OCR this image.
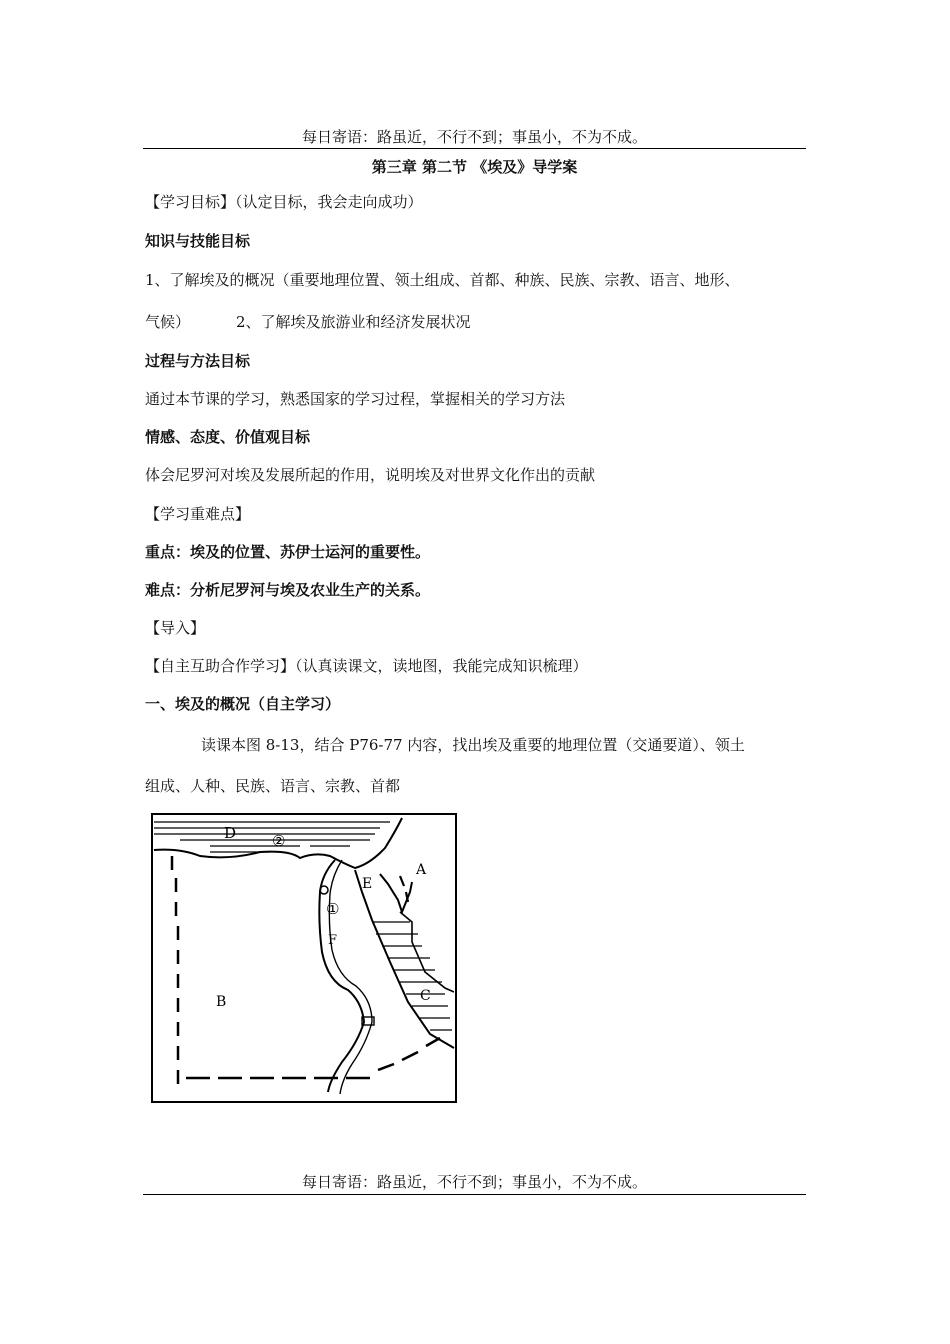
每日寄语：路虽近，不行不到；事虽小，不为不成。
第三章 第二节 《埃及》导学案
【学习目标】（认定目标，我会走向成功）
知识与技能目标
1、了解埃及的概况（重要地理位置、领土组成、首都、种族、民族、宗教、语言、地形、
气候）	2、了解埃及旅游业和经济发展状况
过程与方法目标
通过本节课的学习，熟悉国家的学习过程，掌握相关的学习方法
情感、态度、价值观目标
体会尼罗河对埃及发展所起的作用，说明埃及对世界文化作出的贡献
【学习重难点】
重点：埃及的位置、苏伊士运河的重要性。
难点：分析尼罗河与埃及农业生产的关系。
【导入】
【自主互助合作学习】（认真读课文，读地图，我能完成知识梳理）
一、埃及的概况（自主学习）
读课本图 8-13，结合 P76-77 内容，找出埃及重要的地理位置（交通要道）、领土
组成、人种、民族、语言、宗教、首都
D ②
A
E
①
F
B	C
每日寄语：路虽近，不行不到；事虽小，不为不成。
